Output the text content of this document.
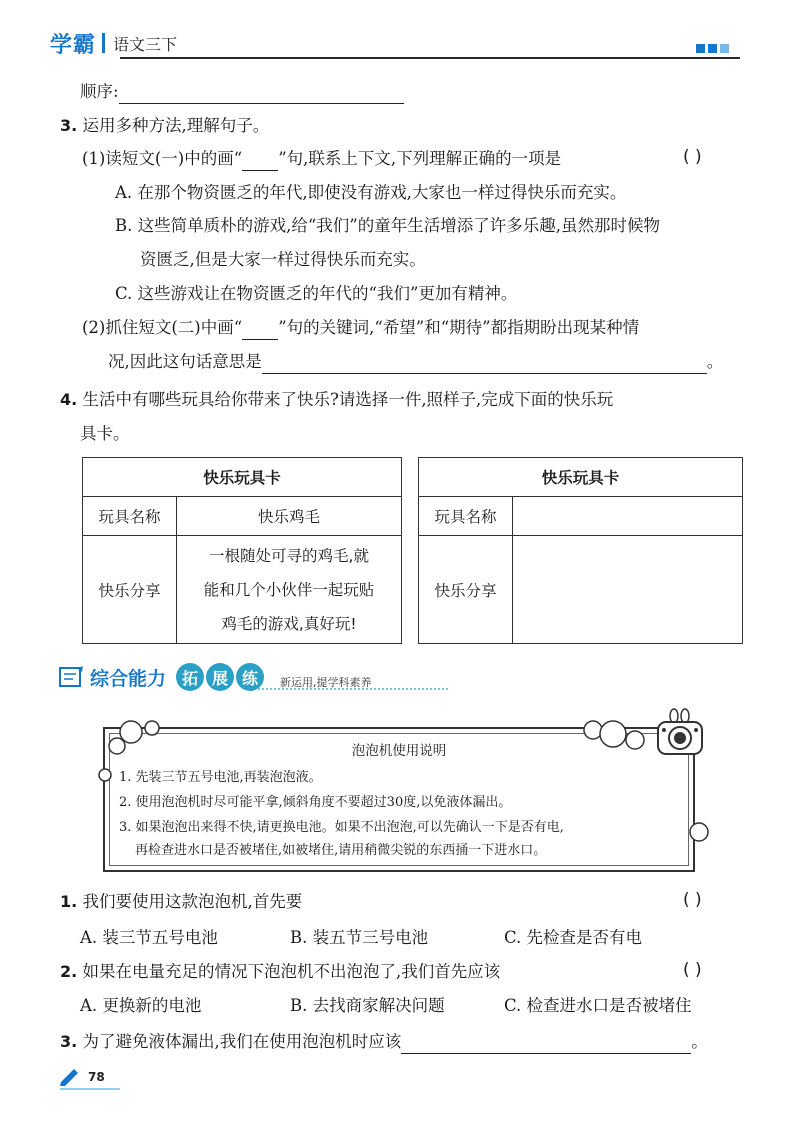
学霸 语文三下
顺序:
3. 运用多种方法,理解句子。
(1)读短文(一)中的画“ ”句,联系上下文,下列理解正确的一项是	( )
A. 在那个物资匮乏的年代,即使没有游戏,大家也一样过得快乐而充实。
B. 这些简单质朴的游戏,给“我们”的童年生活增添了许多乐趣,虽然那时候物
资匮乏,但是大家一样过得快乐而充实。
C. 这些游戏让在物资匮乏的年代的“我们”更加有精神。
(2)抓住短文(二)中画“ ”句的关键词,“希望”和“期待”都指期盼出现某种情
况,因此这句话意思是	。
4. 生活中有哪些玩具给你带来了快乐?请选择一件,照样子,完成下面的快乐玩
具卡。
快乐玩具卡	
玩具名称	快乐鸡毛
快乐分享	一根随处可寻的鸡毛,就
能和几个小伙伴一起玩贴
鸡毛的游戏,真好玩!
快乐玩具卡	
玩具名称	
快乐分享	
综合能力 拓 展 练	新运用,提学科素养
泡泡机使用说明
1. 先装三节五号电池,再装泡泡液。
2. 使用泡泡机时尽可能平拿,倾斜角度不要超过30度,以免液体漏出。
3. 如果泡泡出来得不快,请更换电池。如果不出泡泡,可以先确认一下是否有电,
再检查进水口是否被堵住,如被堵住,请用稍微尖锐的东西捅一下进水口。
1. 我们要使用这款泡泡机,首先要	( )
A. 装三节五号电池	B. 装五节三号电池	C. 先检查是否有电
2. 如果在电量充足的情况下泡泡机不出泡泡了,我们首先应该	( )
A. 更换新的电池	B. 去找商家解决问题	C. 检查进水口是否被堵住
3. 为了避免液体漏出,我们在使用泡泡机时应该	。
78
